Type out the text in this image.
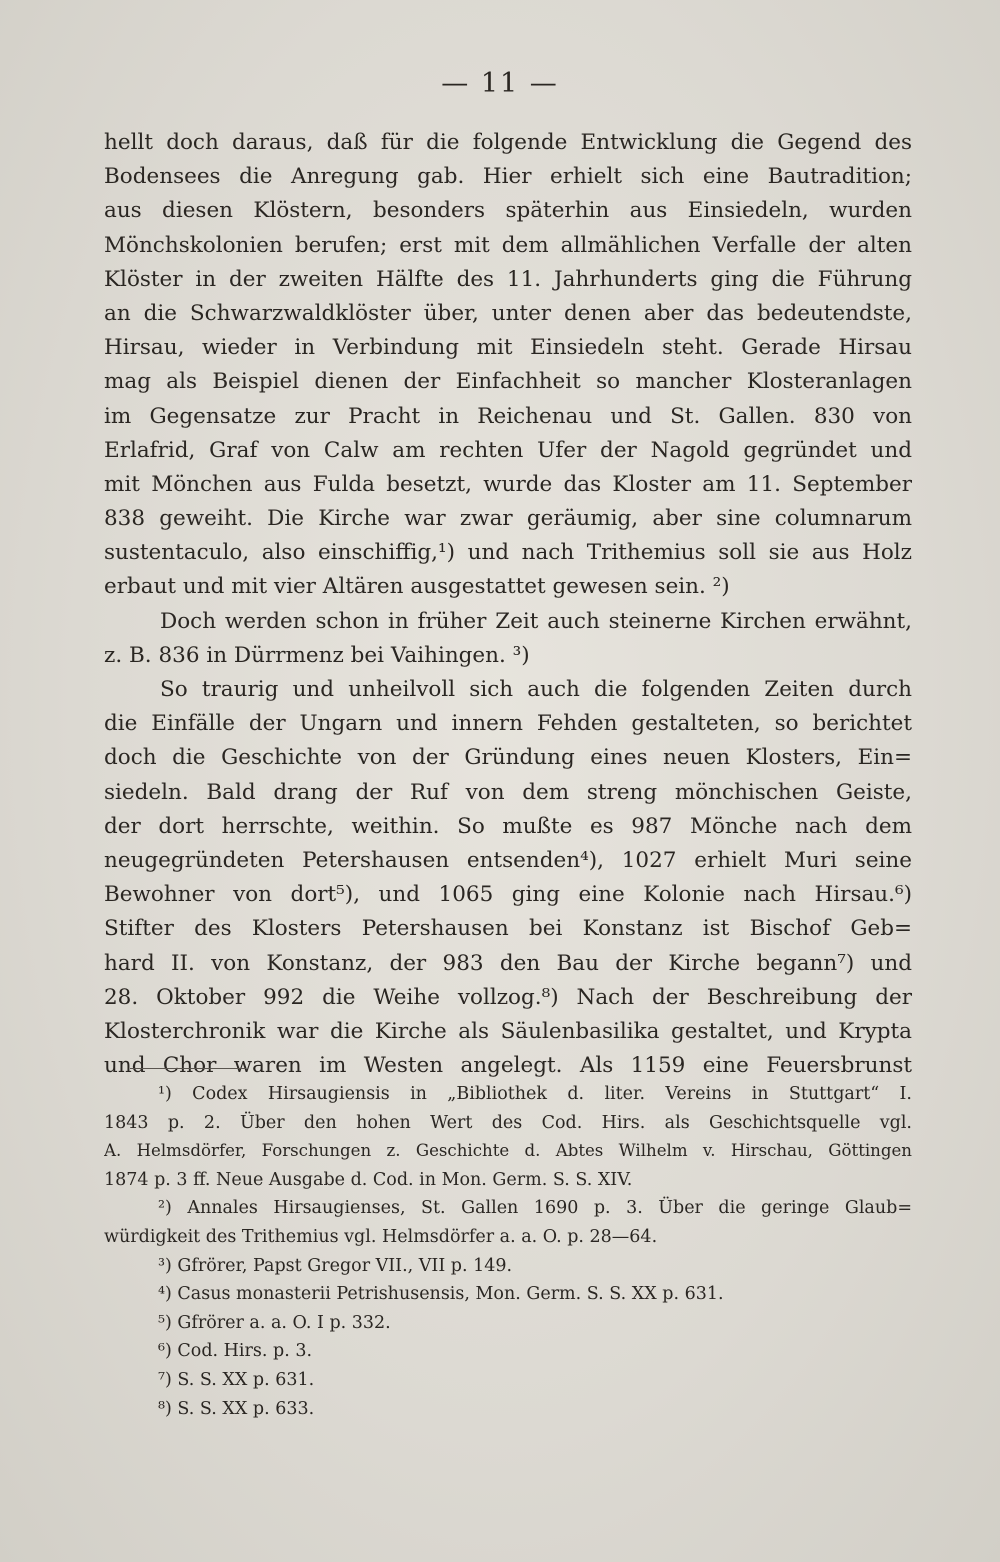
— 11 —
hellt doch daraus, daß für die folgende Entwicklung die Gegend des
Bodensees die Anregung gab. Hier erhielt sich eine Bautradition;
aus diesen Klöstern, besonders späterhin aus Einsiedeln, wurden
Mönchskolonien berufen; erst mit dem allmählichen Verfalle der alten
Klöster in der zweiten Hälfte des 11. Jahrhunderts ging die Führung
an die Schwarzwaldklöster über, unter denen aber das bedeutendste,
Hirsau, wieder in Verbindung mit Einsiedeln steht. Gerade Hirsau
mag als Beispiel dienen der Einfachheit so mancher Klosteranlagen
im Gegensatze zur Pracht in Reichenau und St. Gallen. 830 von
Erlafrid, Graf von Calw am rechten Ufer der Nagold gegründet und
mit Mönchen aus Fulda besetzt, wurde das Kloster am 11. September
838 geweiht. Die Kirche war zwar geräumig, aber sine columnarum
sustentaculo, also einschiffig,¹) und nach Trithemius soll sie aus Holz
erbaut und mit vier Altären ausgestattet gewesen sein. ²)
Doch werden schon in früher Zeit auch steinerne Kirchen erwähnt,
z. B. 836 in Dürrmenz bei Vaihingen. ³)
So traurig und unheilvoll sich auch die folgenden Zeiten durch
die Einfälle der Ungarn und innern Fehden gestalteten, so berichtet
doch die Geschichte von der Gründung eines neuen Klosters, Ein=
siedeln. Bald drang der Ruf von dem streng mönchischen Geiste,
der dort herrschte, weithin. So mußte es 987 Mönche nach dem
neugegründeten Petershausen entsenden⁴), 1027 erhielt Muri seine
Bewohner von dort⁵), und 1065 ging eine Kolonie nach Hirsau.⁶)
Stifter des Klosters Petershausen bei Konstanz ist Bischof Geb=
hard II. von Konstanz, der 983 den Bau der Kirche begann⁷) und
28. Oktober 992 die Weihe vollzog.⁸) Nach der Beschreibung der
Klosterchronik war die Kirche als Säulenbasilika gestaltet, und Krypta
und Chor waren im Westen angelegt. Als 1159 eine Feuersbrunst
¹) Codex Hirsaugiensis in „Bibliothek d. liter. Vereins in Stuttgart“ I.
1843 p. 2. Über den hohen Wert des Cod. Hirs. als Geschichtsquelle vgl.
A. Helmsdörfer, Forschungen z. Geschichte d. Abtes Wilhelm v. Hirschau, Göttingen
1874 p. 3 ff. Neue Ausgabe d. Cod. in Mon. Germ. S. S. XIV.
²) Annales Hirsaugienses, St. Gallen 1690 p. 3. Über die geringe Glaub=
würdigkeit des Trithemius vgl. Helmsdörfer a. a. O. p. 28—64.
³) Gfrörer, Papst Gregor VII., VII p. 149.
⁴) Casus monasterii Petrishusensis, Mon. Germ. S. S. XX p. 631.
⁵) Gfrörer a. a. O. I p. 332.
⁶) Cod. Hirs. p. 3.
⁷) S. S. XX p. 631.
⁸) S. S. XX p. 633.
